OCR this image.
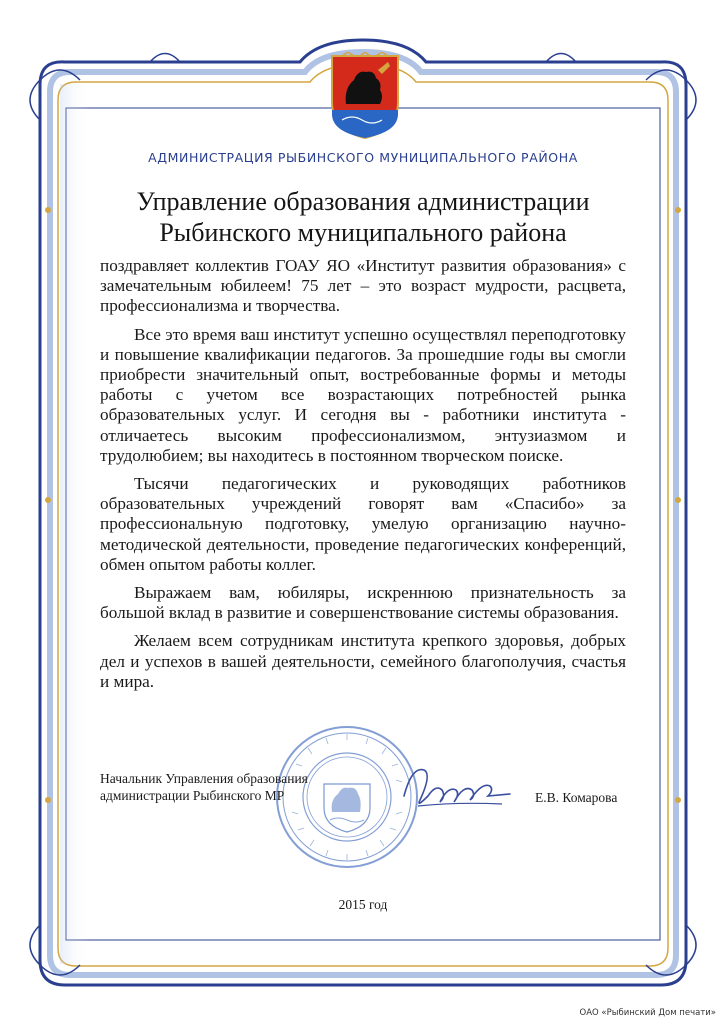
АДМИНИСТРАЦИЯ РЫБИНСКОГО МУНИЦИПАЛЬНОГО РАЙОНА
Управление образования администрации
Рыбинского муниципального района

поздравляет коллектив ГОАУ ЯО «Институт развития образования» с замечательным юбилеем! 75 лет – это возраст мудрости, расцвета, профессионализма и творчества.

Все это время ваш институт успешно осуществлял переподготовку и повышение квалификации педагогов. За прошедшие годы вы смогли приобрести значительный опыт, востребованные формы и методы работы с учетом все возрастающих потребностей рынка образовательных услуг. И сегодня вы - работники института - отличаетесь высоким профессионализмом, энтузиазмом и трудолюбием; вы находитесь в постоянном творческом поиске.

Тысячи педагогических и руководящих работников образовательных учреждений говорят вам «Спасибо» за профессиональную подготовку, умелую организацию научно-методической деятельности, проведение педагогических конференций, обмен опытом работы коллег.

Выражаем вам, юбиляры, искреннюю признательность за большой вклад в развитие и совершенствование системы образования.

Желаем всем сотрудникам института крепкого здоровья, добрых дел и успехов в вашей деятельности, семейного благополучия, счастья и мира.

Начальник Управления образования
администрации Рыбинского МР	Е.В. Комарова
2015 год
ОАО «Рыбинский Дом печати»
